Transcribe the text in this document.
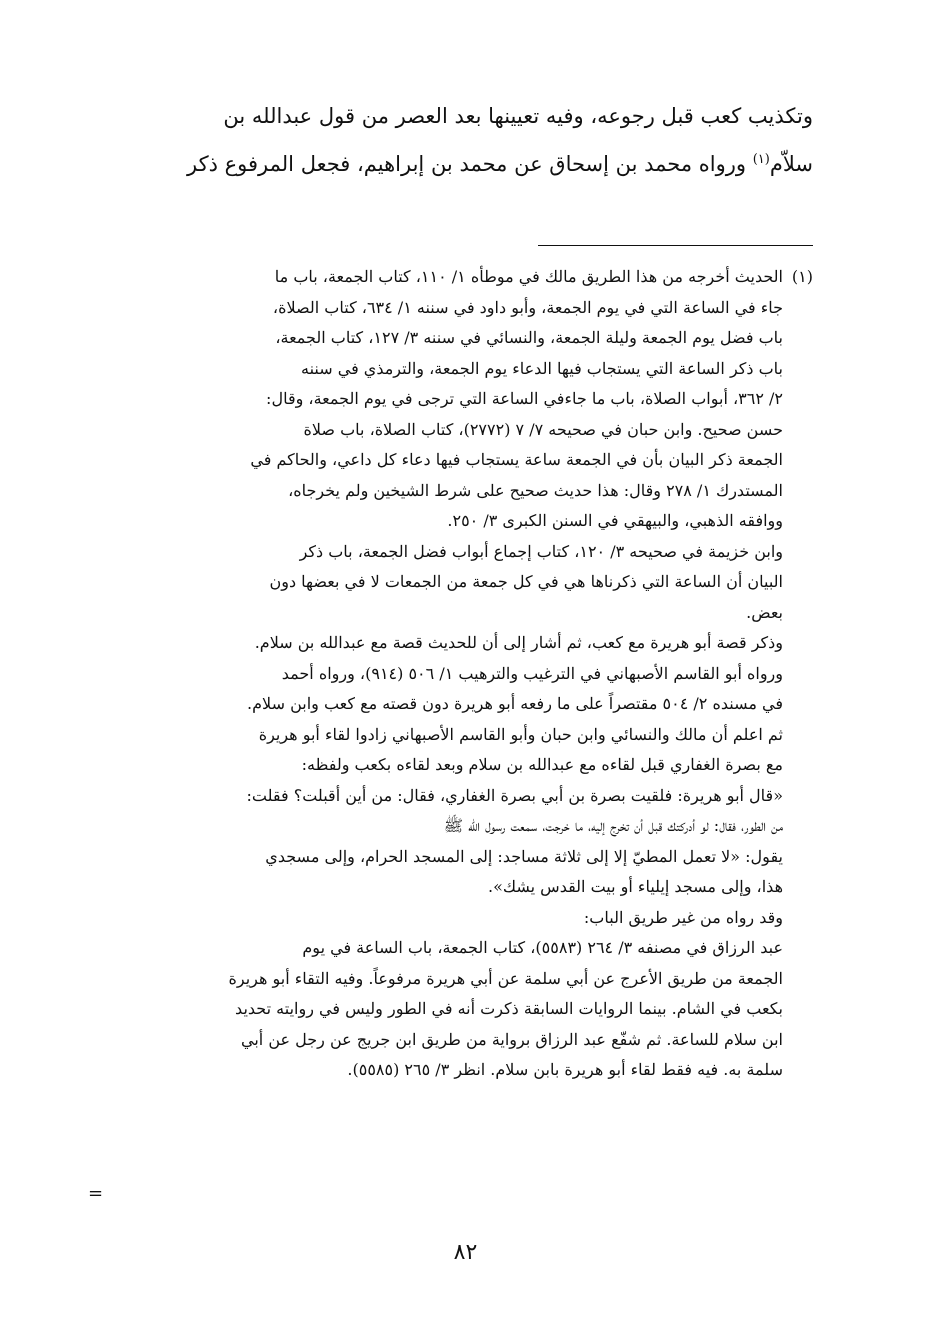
وتكذيب كعب قبل رجوعه، وفيه تعيينها بعد العصر من قول عبدالله بن
سلاّم$^{(١)}$ ورواه محمد بن إسحاق عن محمد بن إبراهيم، فجعل المرفوع ذكر
(١)الحديث أخرجه من هذا الطريق مالك في موطأه ١/ ١١٠، كتاب الجمعة، باب ما
جاء في الساعة التي في يوم الجمعة، وأبو داود في سننه ١/ ٦٣٤، كتاب الصلاة،
باب فضل يوم الجمعة وليلة الجمعة، والنسائي في سننه ٣/ ١٢٧، كتاب الجمعة،
باب ذكر الساعة التي يستجاب فيها الدعاء يوم الجمعة، والترمذي في سننه
٢/ ٣٦٢، أبواب الصلاة، باب ما جاءفي الساعة التي ترجى في يوم الجمعة، وقال:
حسن صحيح. وابن حبان في صحيحه ٧/ ٧ (٢٧٧٢)، كتاب الصلاة، باب صلاة
الجمعة ذكر البيان بأن في الجمعة ساعة يستجاب فيها دعاء كل داعي، والحاكم في
المستدرك ١/ ٢٧٨ وقال: هذا حديث صحيح على شرط الشيخين ولم يخرجاه،
ووافقه الذهبي، والبيهقي في السنن الكبرى ٣/ ٢٥٠.
وابن خزيمة في صحيحه ٣/ ١٢٠، كتاب إجماع أبواب فضل الجمعة، باب ذكر
البيان أن الساعة التي ذكرناها هي في كل جمعة من الجمعات لا في بعضها دون
بعض.
وذكر قصة أبو هريرة مع كعب، ثم أشار إلى أن للحديث قصة مع عبدالله بن سلام.
ورواه أبو القاسم الأصبهاني في الترغيب والترهيب ١/ ٥٠٦ (٩١٤)، ورواه أحمد
في مسنده ٢/ ٥٠٤ مقتصراً على ما رفعه أبو هريرة دون قصته مع كعب وابن سلام.
ثم اعلم أن مالك والنسائي وابن حبان وأبو القاسم الأصبهاني زادوا لقاء أبو هريرة
مع بصرة الغفاري قبل لقاءه مع عبدالله بن سلام وبعد لقاءه بكعب ولفظه:
«قال أبو هريرة: فلقيت بصرة بن أبي بصرة الغفاري، فقال: من أين أقبلت؟ فقلت:
من الطور، فقال: لو أدركتك قبل أن تخرج إليه، ما خرجت، سمعت رسول الله ﷺ
يقول: «لا تعمل المطيّ إلا إلى ثلاثة مساجد: إلى المسجد الحرام، وإلى مسجدي
هذا، وإلى مسجد إيلياء أو بيت القدس يشك».
وقد رواه من غير طريق الباب:
عبد الرزاق في مصنفه ٣/ ٢٦٤ (٥٥٨٣)، كتاب الجمعة، باب الساعة في يوم
الجمعة من طريق الأعرج عن أبي سلمة عن أبي هريرة مرفوعاً. وفيه التقاء أبو هريرة
بكعب في الشام. بينما الروايات السابقة ذكرت أنه في الطور وليس في روايته تحديد
ابن سلام للساعة. ثم شفّع عبد الرزاق برواية من طريق ابن جريج عن رجل عن أبي
سلمة به. فيه فقط لقاء أبو هريرة بابن سلام. انظر ٣/ ٢٦٥ (٥٥٨٥).
=
٨٢
